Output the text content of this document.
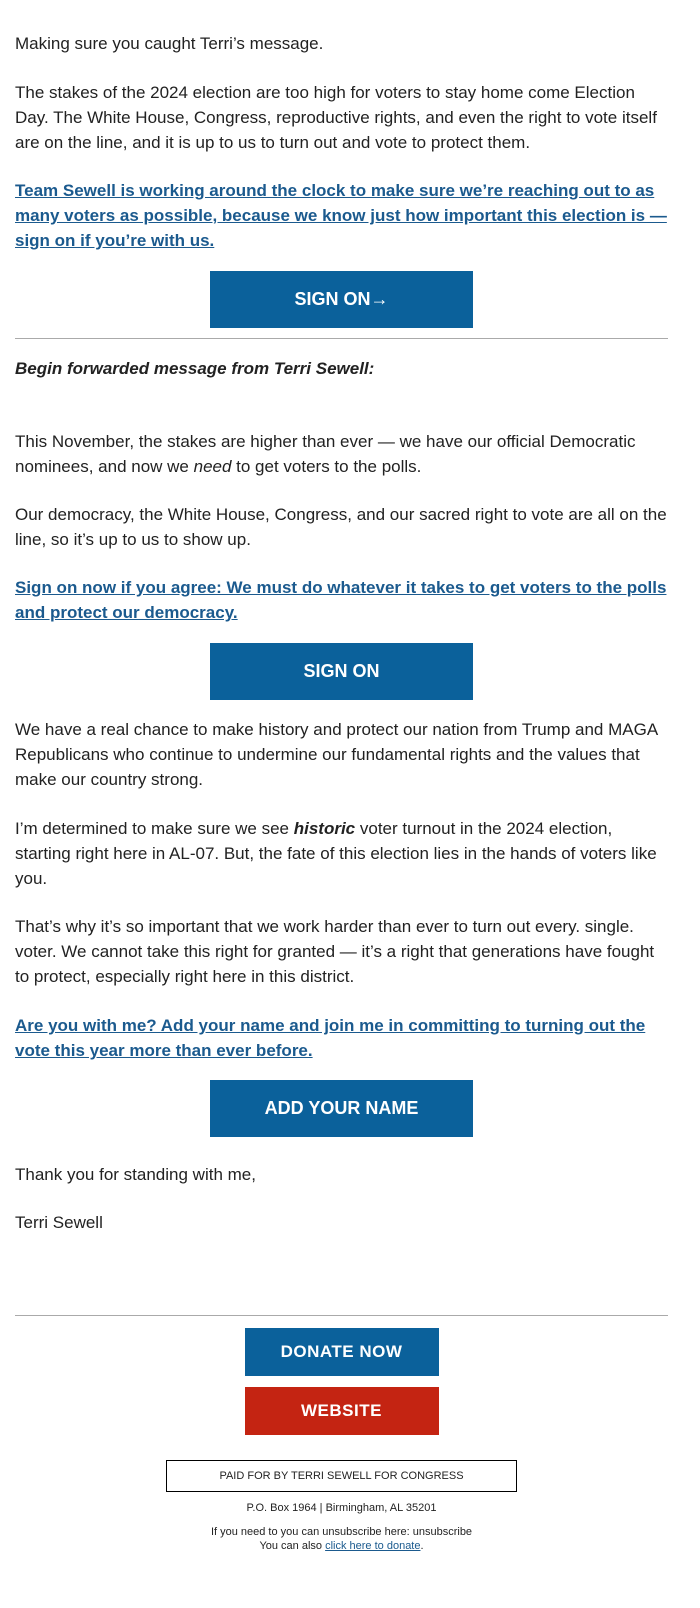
Making sure you caught Terri’s message.

The stakes of the 2024 election are too high for voters to stay home come Election Day. The White House, Congress, reproductive rights, and even the right to vote itself are on the line, and it is up to us to turn out and vote to protect them.

Team Sewell is working around the clock to make sure we’re reaching out to as many voters as possible, because we know just how important this election is — sign on if you’re with us.

SIGN ON→

Begin forwarded message from Terri Sewell:

This November, the stakes are higher than ever — we have our official Democratic nominees, and now we need to get voters to the polls.

Our democracy, the White House, Congress, and our sacred right to vote are all on the line, so it’s up to us to show up.

Sign on now if you agree: We must do whatever it takes to get voters to the polls and protect our democracy.

SIGN ON

We have a real chance to make history and protect our nation from Trump and MAGA Republicans who continue to undermine our fundamental rights and the values that make our country strong.

I’m determined to make sure we see historic voter turnout in the 2024 election, starting right here in AL-07. But, the fate of this election lies in the hands of voters like you.

That’s why it’s so important that we work harder than ever to turn out every. single. voter. We cannot take this right for granted — it’s a right that generations have fought to protect, especially right here in this district.

Are you with me? Add your name and join me in committing to turning out the vote this year more than ever before.

ADD YOUR NAME

Thank you for standing with me,

Terri Sewell

DONATE NOW
WEBSITE
PAID FOR BY TERRI SEWELL FOR CONGRESS
P.O. Box 1964 | Birmingham, AL 35201
If you need to you can unsubscribe here: unsubscribe
You can also click here to donate.
